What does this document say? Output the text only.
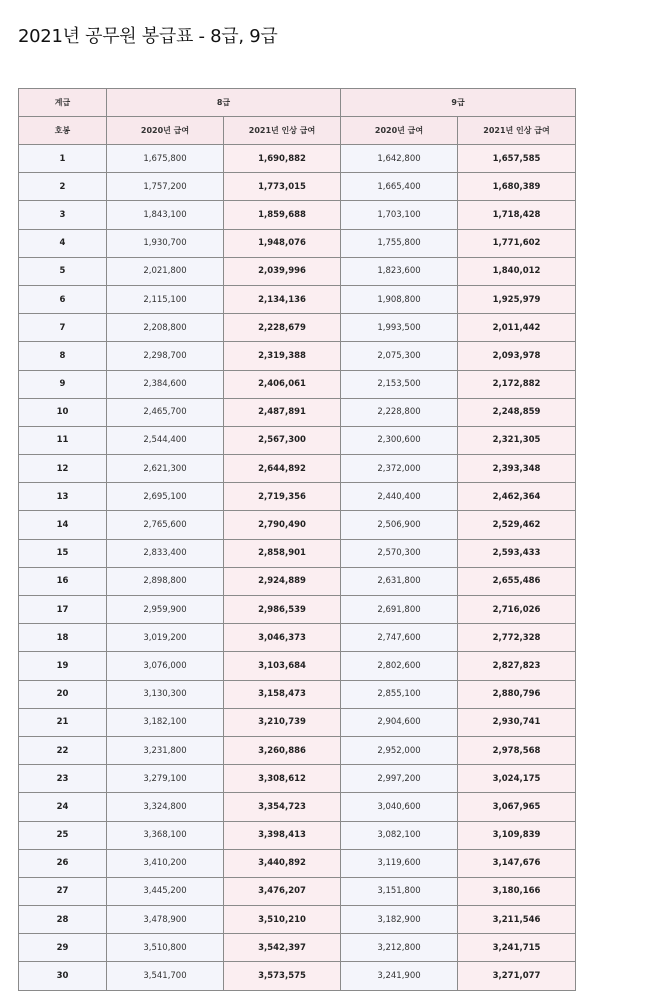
2021년 공무원 봉급표 - 8급, 9급
계급	8급		9급	
호봉	2020년 급여	2021년 인상 급여	2020년 급여	2021년 인상 급여
1	1,675,800	1,690,882	1,642,800	1,657,585
2	1,757,200	1,773,015	1,665,400	1,680,389
3	1,843,100	1,859,688	1,703,100	1,718,428
4	1,930,700	1,948,076	1,755,800	1,771,602
5	2,021,800	2,039,996	1,823,600	1,840,012
6	2,115,100	2,134,136	1,908,800	1,925,979
7	2,208,800	2,228,679	1,993,500	2,011,442
8	2,298,700	2,319,388	2,075,300	2,093,978
9	2,384,600	2,406,061	2,153,500	2,172,882
10	2,465,700	2,487,891	2,228,800	2,248,859
11	2,544,400	2,567,300	2,300,600	2,321,305
12	2,621,300	2,644,892	2,372,000	2,393,348
13	2,695,100	2,719,356	2,440,400	2,462,364
14	2,765,600	2,790,490	2,506,900	2,529,462
15	2,833,400	2,858,901	2,570,300	2,593,433
16	2,898,800	2,924,889	2,631,800	2,655,486
17	2,959,900	2,986,539	2,691,800	2,716,026
18	3,019,200	3,046,373	2,747,600	2,772,328
19	3,076,000	3,103,684	2,802,600	2,827,823
20	3,130,300	3,158,473	2,855,100	2,880,796
21	3,182,100	3,210,739	2,904,600	2,930,741
22	3,231,800	3,260,886	2,952,000	2,978,568
23	3,279,100	3,308,612	2,997,200	3,024,175
24	3,324,800	3,354,723	3,040,600	3,067,965
25	3,368,100	3,398,413	3,082,100	3,109,839
26	3,410,200	3,440,892	3,119,600	3,147,676
27	3,445,200	3,476,207	3,151,800	3,180,166
28	3,478,900	3,510,210	3,182,900	3,211,546
29	3,510,800	3,542,397	3,212,800	3,241,715
30	3,541,700	3,573,575	3,241,900	3,271,077
